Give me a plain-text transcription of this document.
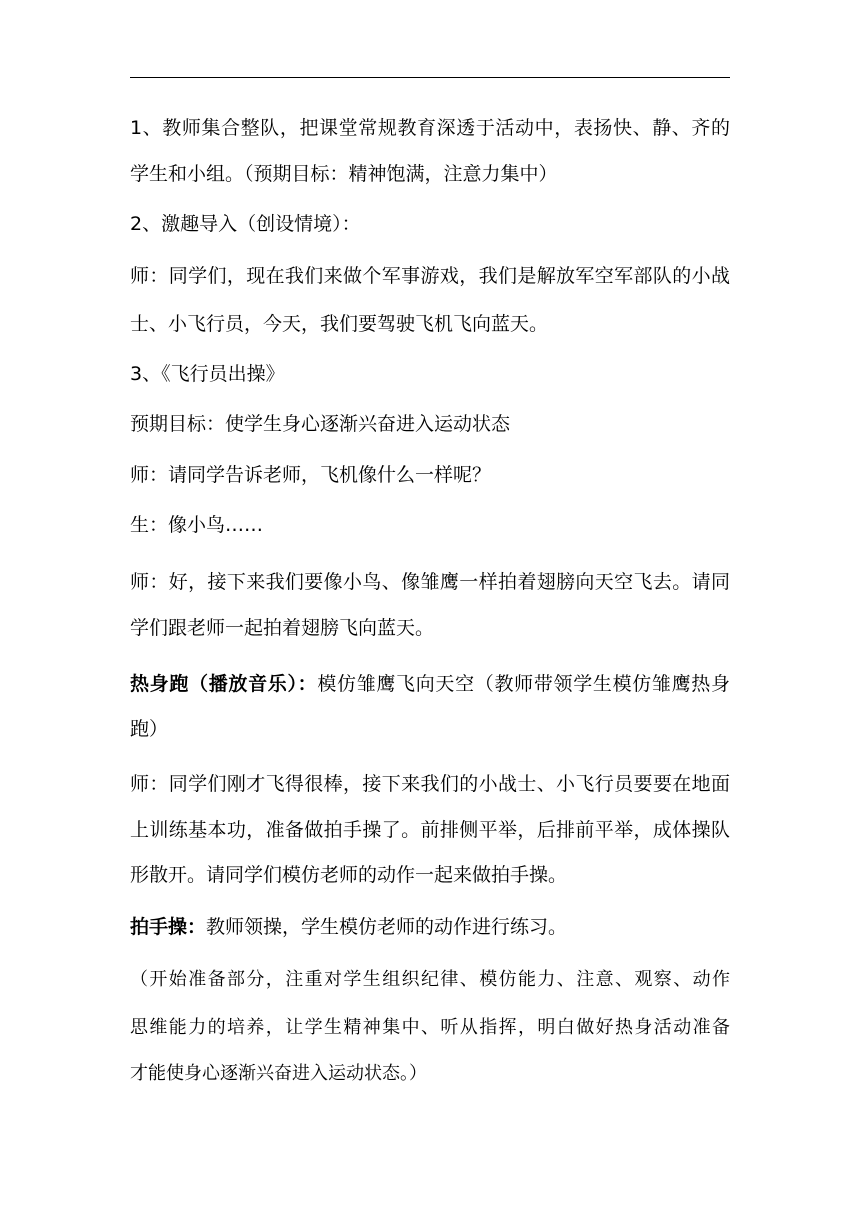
1、教师集合整队，把课堂常规教育深透于活动中，表扬快、静、齐的
学生和小组。（预期目标：精神饱满，注意力集中）
2、激趣导入（创设情境）：
师：同学们，现在我们来做个军事游戏，我们是解放军空军部队的小战
士、小飞行员，今天，我们要驾驶飞机飞向蓝天。
3、《飞行员出操》
预期目标：使学生身心逐渐兴奋进入运动状态
师：请同学告诉老师，飞机像什么一样呢？
生：像小鸟……
师：好，接下来我们要像小鸟、像雏鹰一样拍着翅膀向天空飞去。请同
学们跟老师一起拍着翅膀飞向蓝天。
热身跑（播放音乐）：模仿雏鹰飞向天空（教师带领学生模仿雏鹰热身
跑）
师：同学们刚才飞得很棒，接下来我们的小战士、小飞行员要要在地面
上训练基本功，准备做拍手操了。前排侧平举，后排前平举，成体操队
形散开。请同学们模仿老师的动作一起来做拍手操。
拍手操：教师领操，学生模仿老师的动作进行练习。
（开始准备部分，注重对学生组织纪律、模仿能力、注意、观察、动作
思维能力的培养，让学生精神集中、听从指挥，明白做好热身活动准备
才能使身心逐渐兴奋进入运动状态。）
